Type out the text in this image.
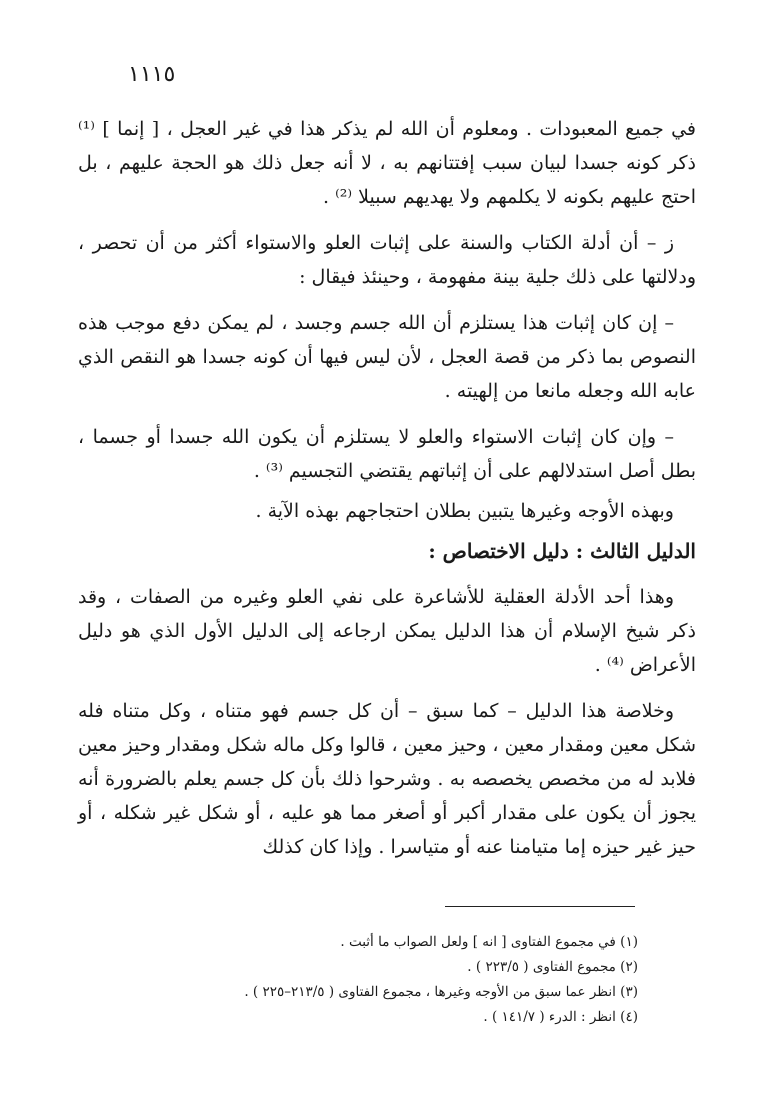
١١١٥

في جميع المعبودات . ومعلوم أن الله لم يذكر هذا في غير العجل ، [ إنما ] ⁽¹⁾ ذكر كونه جسدا لبيان سبب إفتتانهم به ، لا أنه جعل ذلك هو الحجة عليهم ، بل احتج عليهم بكونه لا يكلمهم ولا يهديهم سبيلا ⁽²⁾ .

ز – أن أدلة الكتاب والسنة على إثبات العلو والاستواء أكثر من أن تحصر ، ودلالتها على ذلك جلية بينة مفهومة ، وحينئذ فيقال :

– إن كان إثبات هذا يستلزم أن الله جسم وجسد ، لم يمكن دفع موجب هذه النصوص بما ذكر من قصة العجل ، لأن ليس فيها أن كونه جسدا هو النقص الذي عابه الله وجعله مانعا من إلهيته .

– وإن كان إثبات الاستواء والعلو لا يستلزم أن يكون الله جسدا أو جسما ، بطل أصل استدلالهم على أن إثباتهم يقتضي التجسيم ⁽³⁾ .

وبهذه الأوجه وغيرها يتبين بطلان احتجاجهم بهذه الآية .

الدليل الثالث : دليل الاختصاص :

وهذا أحد الأدلة العقلية للأشاعرة على نفي العلو وغيره من الصفات ، وقد ذكر شيخ الإسلام أن هذا الدليل يمكن ارجاعه إلى الدليل الأول الذي هو دليل الأعراض ⁽⁴⁾ .

وخلاصة هذا الدليل – كما سبق – أن كل جسم فهو متناه ، وكل متناه فله شكل معين ومقدار معين ، وحيز معين ، قالوا وكل ماله شكل ومقدار وحيز معين فلابد له من مخصص يخصصه به . وشرحوا ذلك بأن كل جسم يعلم بالضرورة أنه يجوز أن يكون على مقدار أكبر أو أصغر مما هو عليه ، أو شكل غير شكله ، أو حيز غير حيزه إما متيامنا عنه أو متياسرا . وإذا كان كذلك

(١) في مجموع الفتاوى [ انه ] ولعل الصواب ما أثبت .

(٢) مجموع الفتاوى ( ٢٢٣/٥ ) .

(٣) انظر عما سبق من الأوجه وغيرها ، مجموع الفتاوى ( ٢١٣/٥–٢٢٥ ) .

(٤) انظر : الدرء ( ١٤١/٧ ) .
